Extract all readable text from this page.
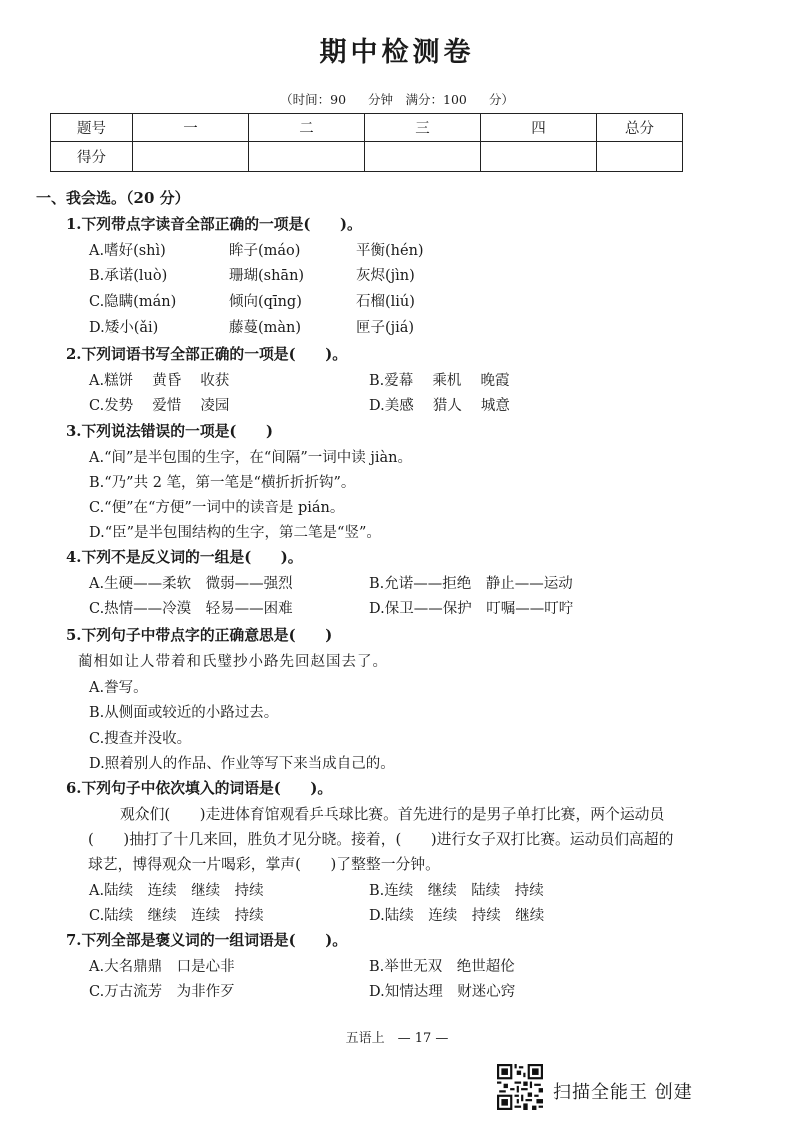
期中检测卷
（时间：90 分钟　满分：100 分）
题号	一	二	三	四	总分
得分					
一、我会选。（20 分）
1.下列带点字读音全部正确的一项是(　　)。
A.嗜好(shì)	眸子(máo)	平衡(hén)
B.承诺(luò)	珊瑚(shān)	灰烬(jìn)
C.隐瞒(mán)	倾向(qīng)	石榴(liú)
D.矮小(ǎi)	藤蔓(màn)	匣子(jiá)
2.下列词语书写全部正确的一项是(　　)。
A.糕饼　 黄昏　 收获	B.爱幕　 乘机　 晚霞
C.发势　 爱惜　 凌园	D.美感　 猎人　 城意
3.下列说法错误的一项是(　　)
A.“间”是半包围的生字，在“间隔”一词中读 jiàn。
B.“乃”共 2 笔，第一笔是“横折折折钩”。
C.“便”在“方便”一词中的读音是 pián。
D.“臣”是半包围结构的生字，第二笔是“竖”。
4.下列不是反义词的一组是(　　)。
A.生硬——柔软　微弱——强烈	B.允诺——拒绝　静止——运动
C.热情——冷漠　轻易——困难	D.保卫——保护　叮嘱——叮咛
5.下列句子中带点字的正确意思是(　　)
蔺相如让人带着和氏璧抄小路先回赵国去了。
A.誊写。
B.从侧面或较近的小路过去。
C.搜查并没收。
D.照着别人的作品、作业等写下来当成自己的。
6.下列句子中依次填入的词语是(　　)。
观众们(　　)走进体育馆观看乒乓球比赛。首先进行的是男子单打比赛，两个运动员
(　　)抽打了十几来回，胜负才见分晓。接着，(　　)进行女子双打比赛。运动员们高超的
球艺，博得观众一片喝彩，掌声(　　)了整整一分钟。
A.陆续　连续　继续　持续	B.连续　继续　陆续　持续
C.陆续　继续　连续　持续	D.陆续　连续　持续　继续
7.下列全部是褒义词的一组词语是(　　)。
A.大名鼎鼎　口是心非	B.举世无双　绝世超伦
C.万古流芳　为非作歹	D.知情达理　财迷心窍
五语上　— 17 —
扫描全能王 创建
